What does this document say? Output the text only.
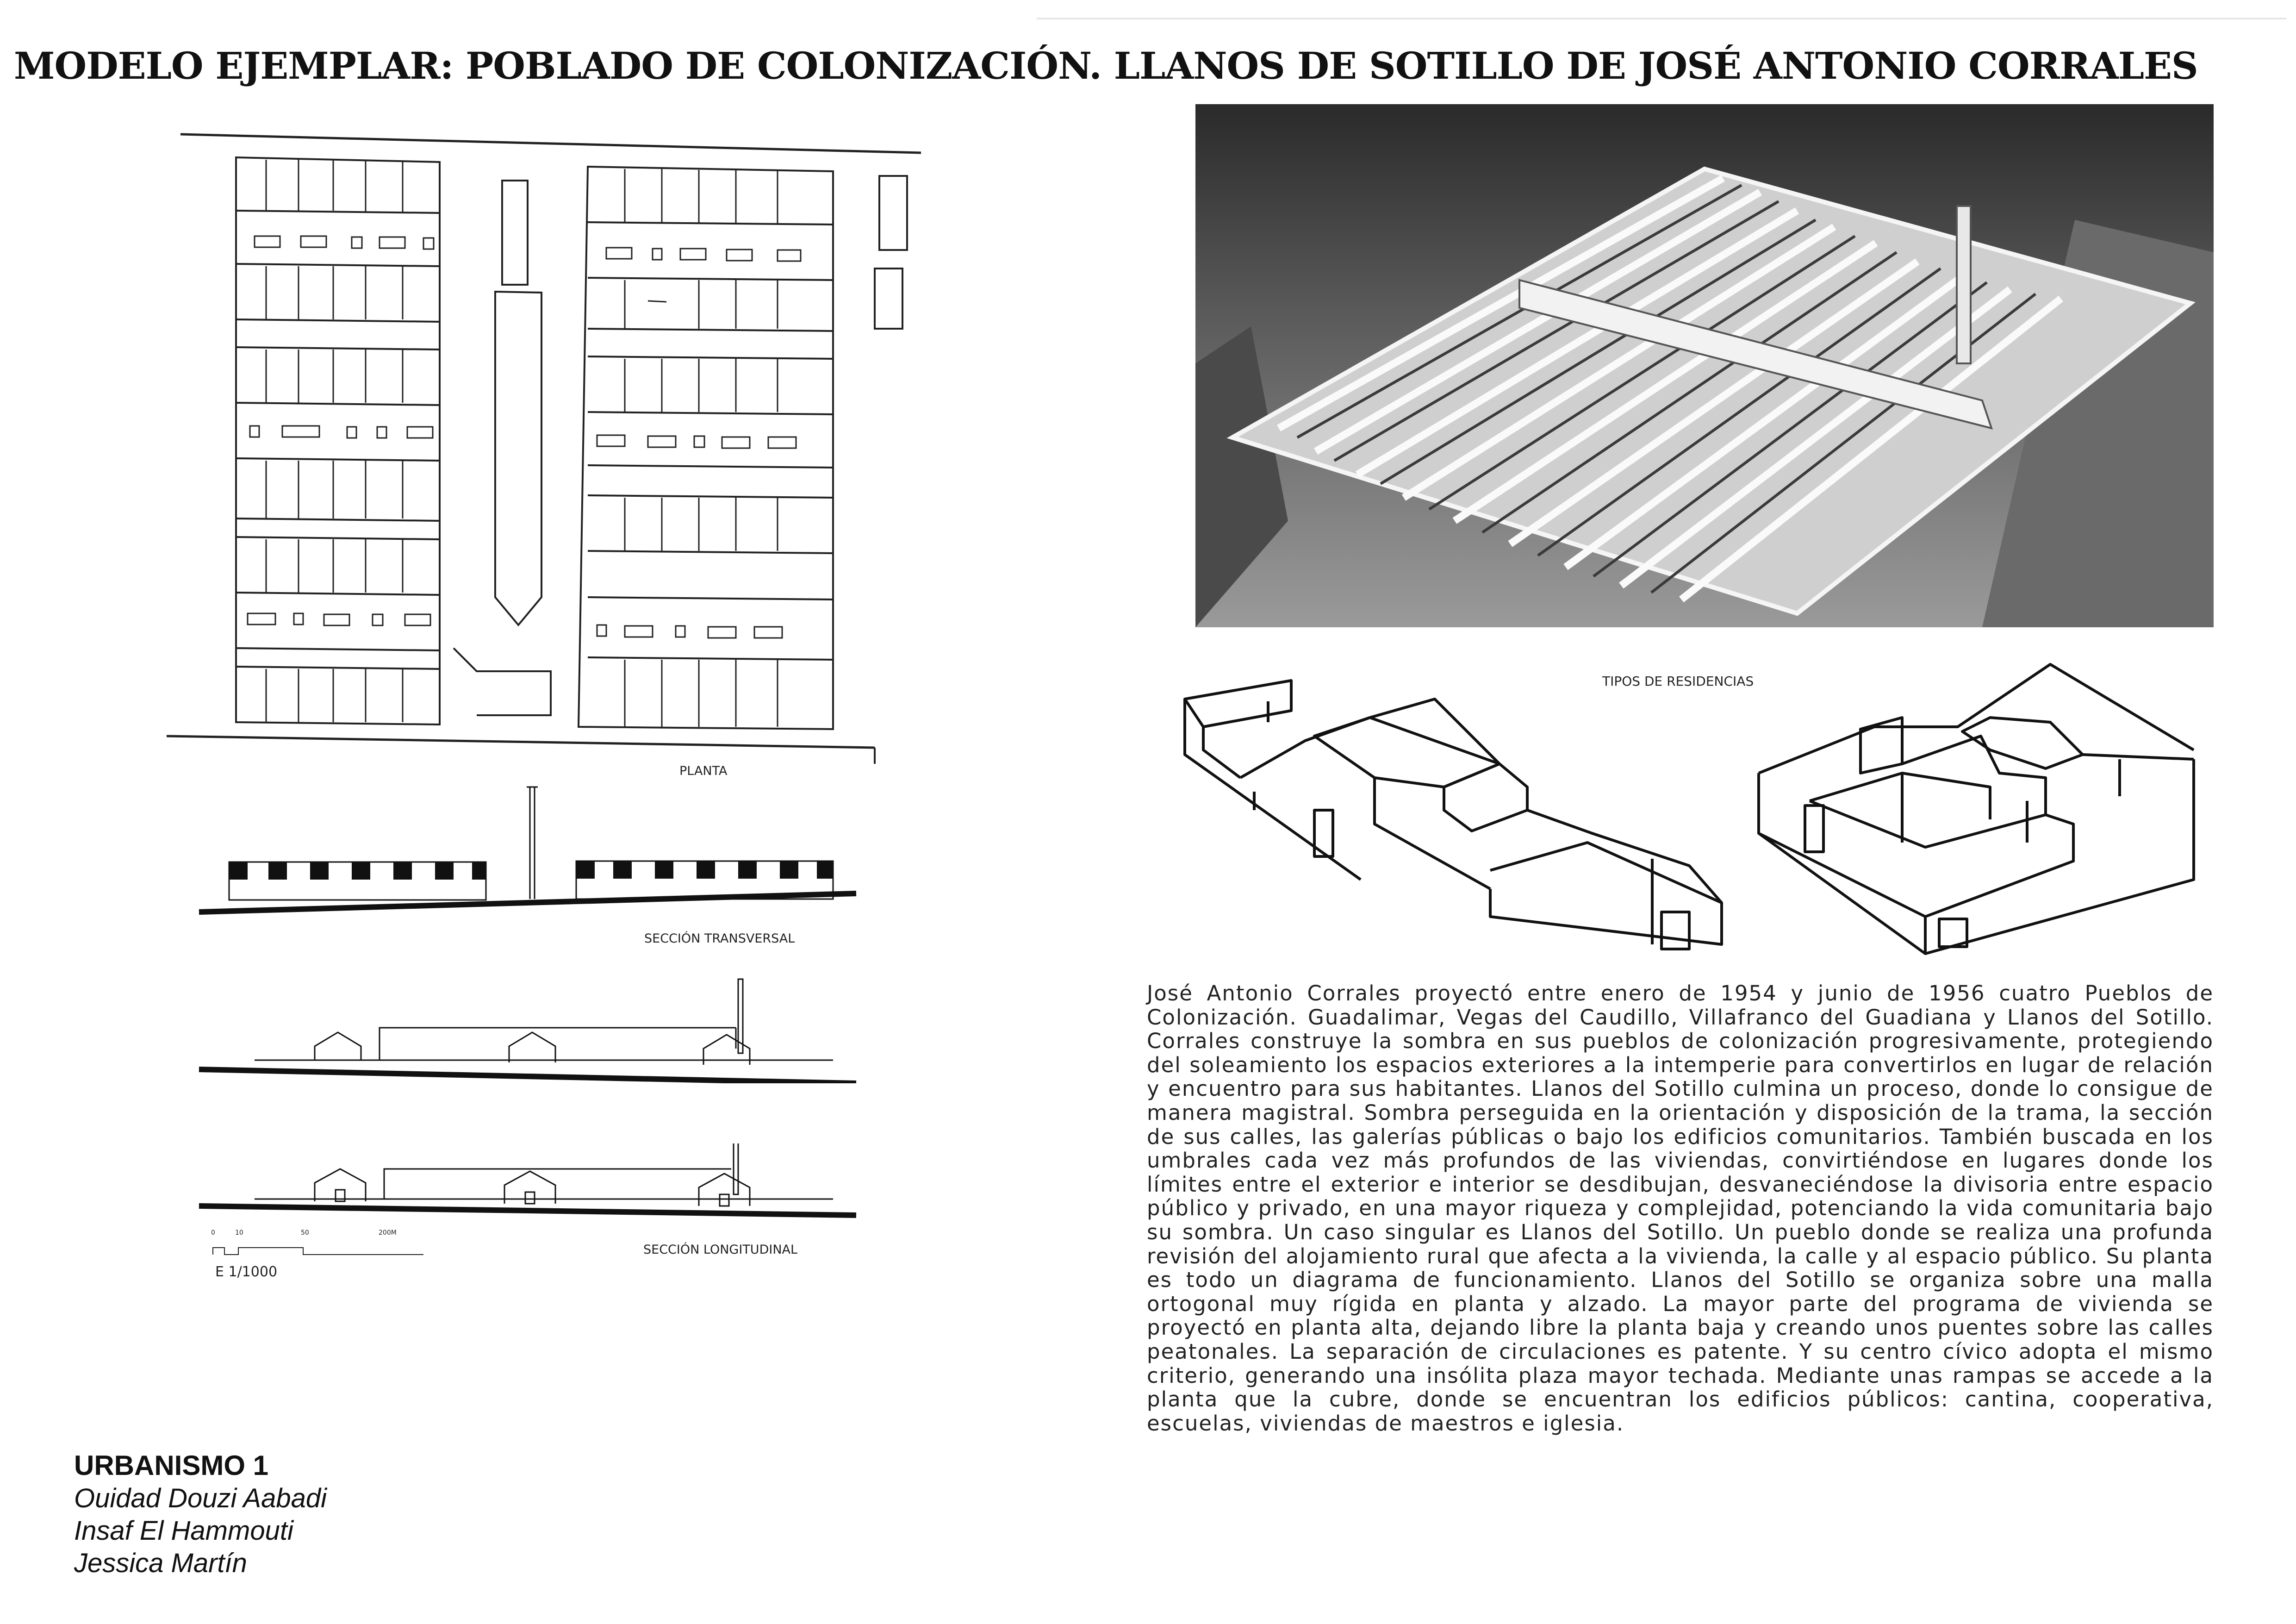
MODELO EJEMPLAR: POBLADO DE COLONIZACIÓN. LLANOS DE SOTILLO DE JOSÉ ANTONIO CORRALES
PLANTA
SECCIÓN TRANSVERSAL
SECCIÓN LONGITUDINAL
0	10	50	200M
E 1/1000
TIPOS DE RESIDENCIAS

José Antonio Corrales proyectó entre enero de 1954 y junio de 1956 cuatro Pueblos de Colonización. Guadalimar, Vegas del Caudillo, Villafranco del Guadiana y Llanos del Sotillo. Corrales construye la sombra en sus pueblos de colonización progresivamente, protegiendo del soleamiento los espacios exteriores a la intemperie para convertirlos en lugar de relación y encuentro para sus habitantes. Llanos del Sotillo culmina un proceso, donde lo consigue de manera magistral. Sombra perseguida en la orientación y disposición de la trama, la sección de sus calles, las galerías públicas o bajo los edificios comunitarios. También buscada en los umbrales cada vez más profundos de las viviendas, convirtiéndose en lugares donde los límites entre el exterior e interior se desdibujan, desvaneciéndose la divisoria entre espacio público y privado, en una mayor riqueza y complejidad, potenciando la vida comunitaria bajo su sombra. Un caso singular es Llanos del Sotillo. Un pueblo donde se realiza una profunda revisión del alojamiento rural que afecta a la vivienda, la calle y al espacio público. Su planta es todo un diagrama de funcionamiento. Llanos del Sotillo se organiza sobre una malla ortogonal muy rígida en planta y alzado. La mayor parte del programa de vivienda se proyectó en planta alta, dejando libre la planta baja y creando unos puentes sobre las calles peatonales. La separación de circulaciones es patente. Y su centro cívico adopta el mismo criterio, generando una insólita plaza mayor techada. Mediante unas rampas se accede a la planta que la cubre, donde se encuentran los edificios públicos: cantina, cooperativa, escuelas, viviendas de maestros e iglesia.

URBANISMO 1
Ouidad Douzi Aabadi
Insaf El Hammouti
Jessica Martín
